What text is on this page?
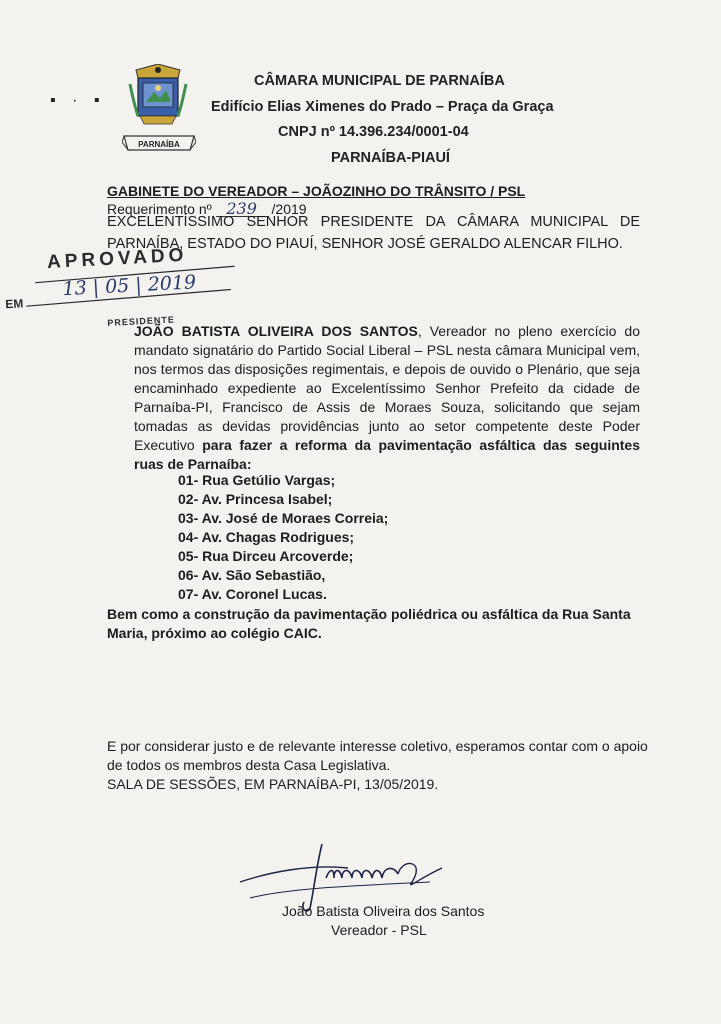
▪ · ▪
PARNAÍBA
CÂMARA MUNICIPAL DE PARNAÍBA
Edifício Elias Ximenes do Prado – Praça da Graça
CNPJ nº 14.396.234/0001-04
PARNAÍBA-PIAUÍ
GABINETE DO VEREADOR – JOÃOZINHO DO TRÂNSITO / PSL
Requerimento nº 239 /2019
EXCELENTÍSSIMO SENHOR PRESIDENTE DA CÂMARA MUNICIPAL DE
PARNAÍBA, ESTADO DO PIAUÍ, SENHOR JOSÉ GERALDO ALENCAR FILHO.
APROVADO
EM
13 | 05 | 2019
PRESIDENTE

JOÃO BATISTA OLIVEIRA DOS SANTOS, Vereador no pleno exercício do mandato signatário do Partido Social Liberal – PSL nesta câmara Municipal vem, nos termos das disposições regimentais, e depois de ouvido o Plenário, que seja encaminhado expediente ao Excelentíssimo Senhor Prefeito da cidade de Parnaíba-PI, Francisco de Assis de Moraes Souza, solicitando que sejam tomadas as devidas providências junto ao setor competente deste Poder Executivo para fazer a reforma da pavimentação asfáltica das seguintes ruas de Parnaíba:

01- Rua Getúlio Vargas;
02- Av. Princesa Isabel;
03- Av. José de Moraes Correia;
04- Av. Chagas Rodrigues;
05- Rua Dirceu Arcoverde;
06- Av. São Sebastião,
07- Av. Coronel Lucas.
Bem como a construção da pavimentação poliédrica ou asfáltica da Rua Santa Maria, próximo ao colégio CAIC.
E por considerar justo e de relevante interesse coletivo, esperamos contar com o apoio
de todos os membros desta Casa Legislativa.
SALA DE SESSÕES, EM PARNAÍBA-PI, 13/05/2019.
João Batista Oliveira dos Santos
Vereador - PSL
